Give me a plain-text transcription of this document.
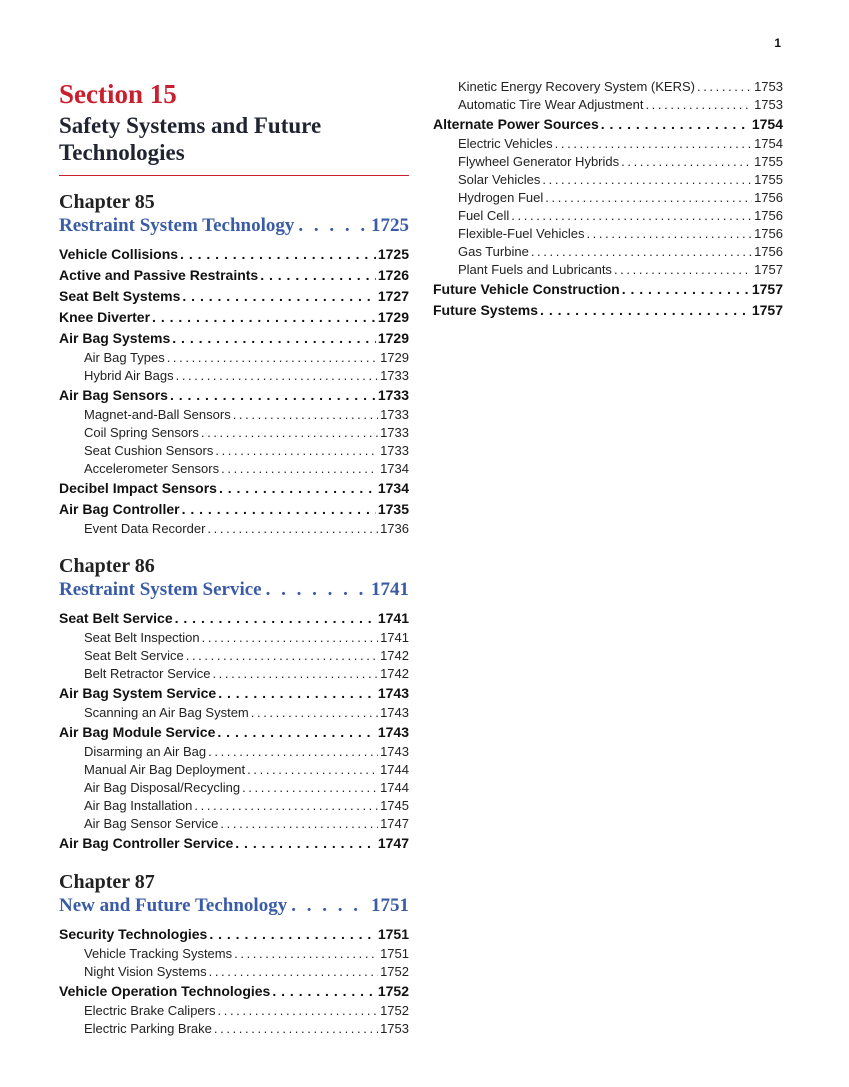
1
Section 15
Safety Systems and Future Technologies
Chapter 85
Restraint System Technology . . .	1725
Vehicle Collisions . . .	1725
Active and Passive Restraints . . .	1726
Seat Belt Systems . . .	1727
Knee Diverter . . .	1729
Air Bag Systems . . .	1729
Air Bag Types . . .	1729
Hybrid Air Bags . . .	1733
Air Bag Sensors . . .	1733
Magnet-and-Ball Sensors . . .	1733
Coil Spring Sensors . . .	1733
Seat Cushion Sensors . . .	1733
Accelerometer Sensors . . .	1734
Decibel Impact Sensors . . .	1734
Air Bag Controller . . .	1735
Event Data Recorder . . .	1736
Chapter 86
Restraint System Service . . .	1741
Seat Belt Service . . .	1741
Seat Belt Inspection . . .	1741
Seat Belt Service . . .	1742
Belt Retractor Service . . .	1742
Air Bag System Service . . .	1743
Scanning an Air Bag System . . .	1743
Air Bag Module Service . . .	1743
Disarming an Air Bag . . .	1743
Manual Air Bag Deployment . . .	1744
Air Bag Disposal/Recycling . . .	1744
Air Bag Installation . . .	1745
Air Bag Sensor Service . . .	1747
Air Bag Controller Service . . .	1747
Chapter 87
New and Future Technology . . .	1751
Security Technologies . . .	1751
Vehicle Tracking Systems . . .	1751
Night Vision Systems . . .	1752
Vehicle Operation Technologies . . .	1752
Electric Brake Calipers . . .	1752
Electric Parking Brake . . .	1753
Kinetic Energy Recovery System (KERS) . . .	1753
Automatic Tire Wear Adjustment . . .	1753
Alternate Power Sources . . .	1754
Electric Vehicles . . .	1754
Flywheel Generator Hybrids . . .	1755
Solar Vehicles . . .	1755
Hydrogen Fuel . . .	1756
Fuel Cell . . .	1756
Flexible-Fuel Vehicles . . .	1756
Gas Turbine . . .	1756
Plant Fuels and Lubricants . . .	1757
Future Vehicle Construction . . .	1757
Future Systems . . .	1757
